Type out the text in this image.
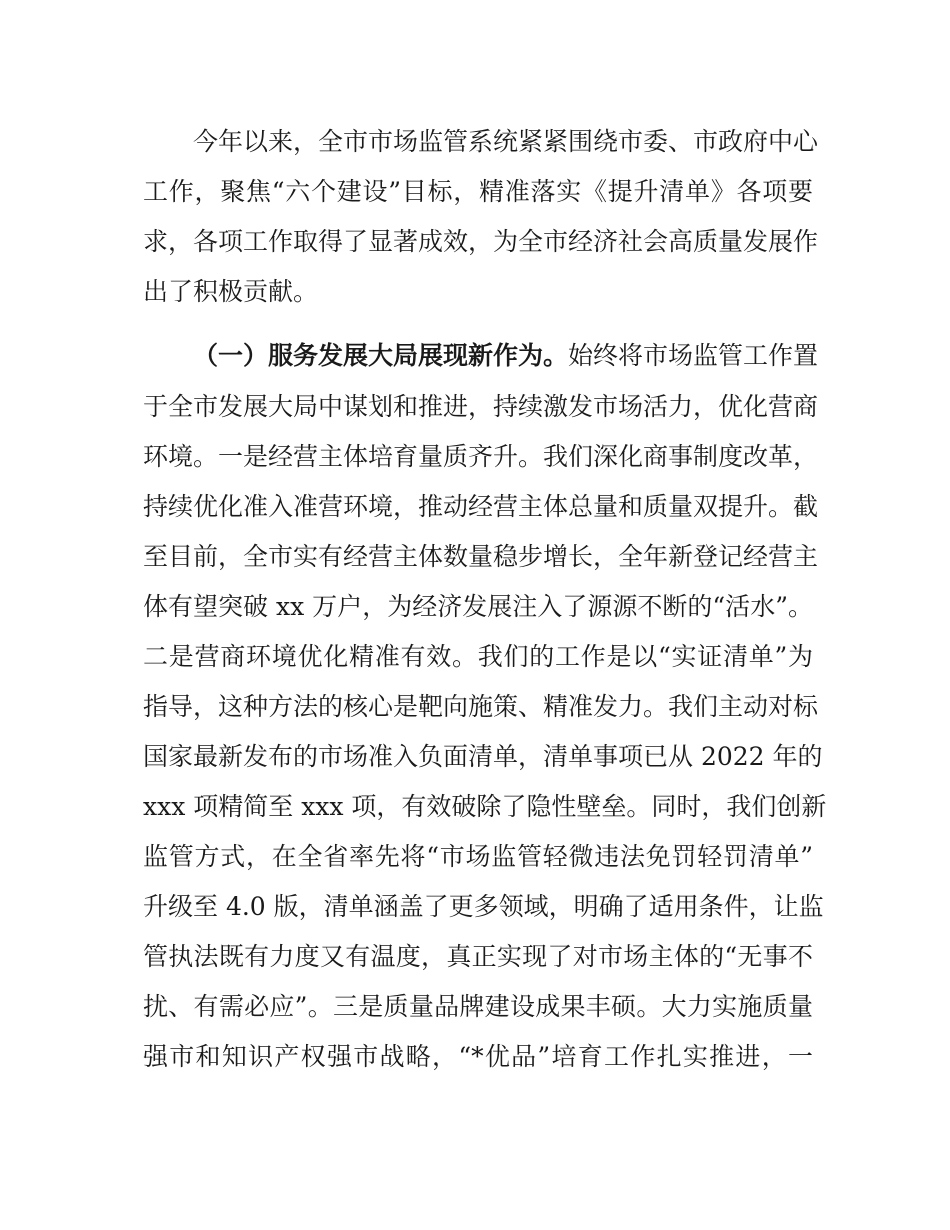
今年以来，全市市场监管系统紧紧围绕市委、市政府中心
工作，聚焦“六个建设”目标，精准落实《提升清单》各项要
求，各项工作取得了显著成效，为全市经济社会高质量发展作
出了积极贡献。
（一）服务发展大局展现新作为。 始终将市场监管工作置
于全市发展大局中谋划和推进，持续激发市场活力，优化营商
环境。一是经营主体培育量质齐升。我们深化商事制度改革，
持续优化准入准营环境，推动经营主体总量和质量双提升。截
至目前，全市实有经营主体数量稳步增长，全年新登记经营主
体有望突破 xx 万户，为经济发展注入了源源不断的“活水”。
二是营商环境优化精准有效。我们的工作是以“实证清单”为
指导，这种方法的核心是靶向施策、精准发力。我们主动对标
国家最新发布的市场准入负面清单，清单事项已从 2022 年的
xxx 项精简至 xxx 项，有效破除了隐性壁垒。同时，我们创新
监管方式，在全省率先将“市场监管轻微违法免罚轻罚清单”
升级至 4.0 版，清单涵盖了更多领域，明确了适用条件，让监
管执法既有力度又有温度，真正实现了对市场主体的“无事不
扰、有需必应”。三是质量品牌建设成果丰硕。大力实施质量
强市和知识产权强市战略，“*优品”培育工作扎实推进，一
